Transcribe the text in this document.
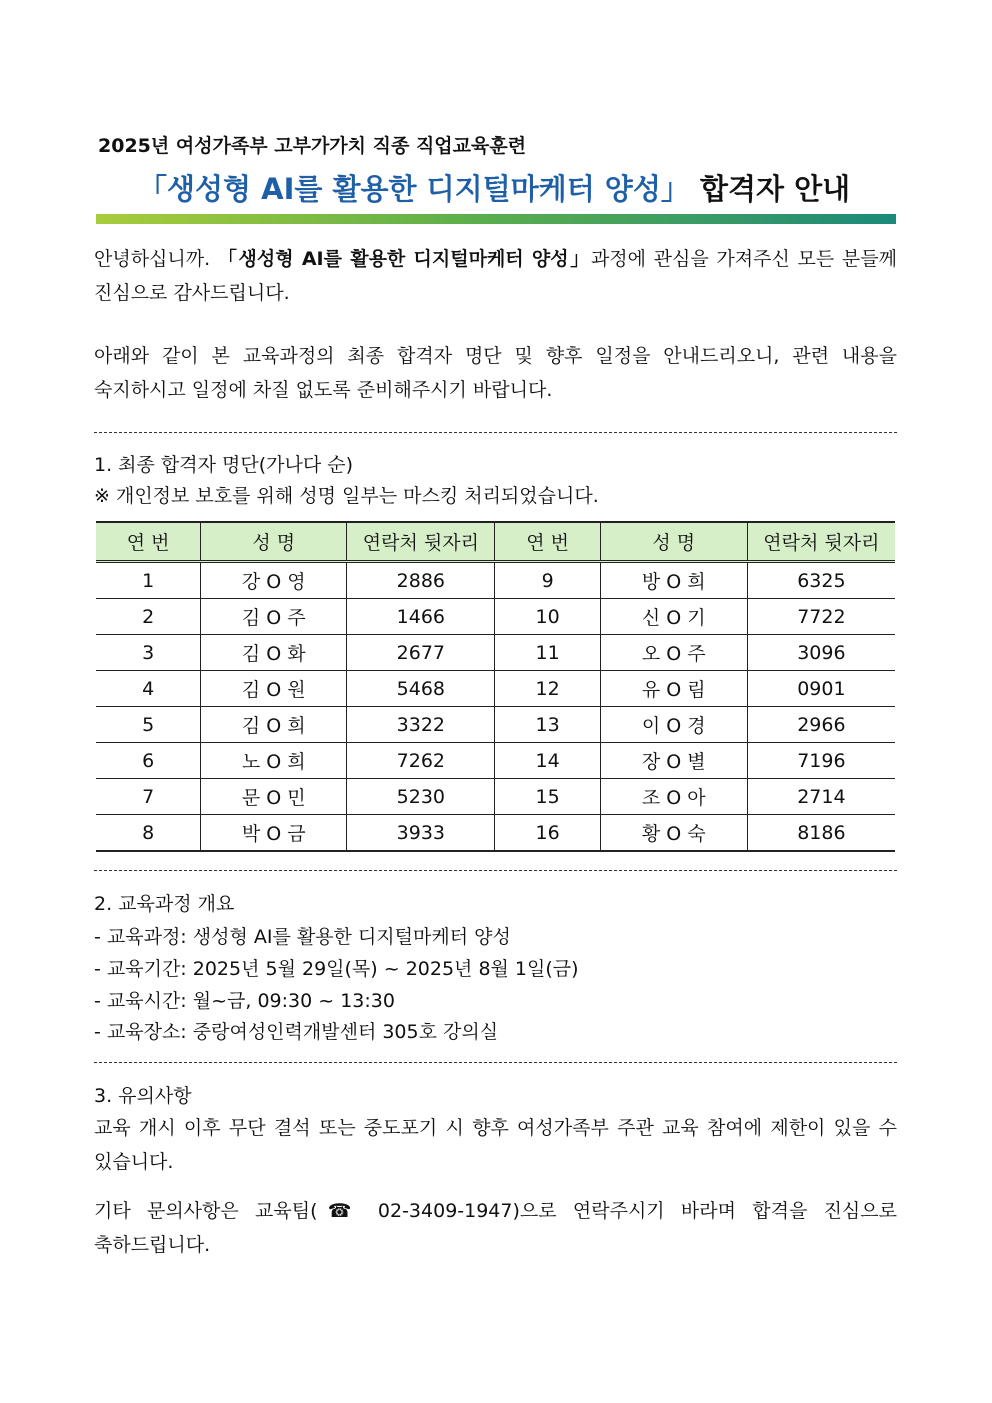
2025년 여성가족부 고부가가치 직종 직업교육훈련
「생성형 AI를 활용한 디지털마케터 양성」 합격자 안내
안녕하십니까. 「생성형 AI를 활용한 디지털마케터 양성」과정에 관심을 가져주신 모든 분들께 진심으로 감사드립니다.
아래와 같이 본 교육과정의 최종 합격자 명단 및 향후 일정을 안내드리오니, 관련 내용을 숙지하시고 일정에 차질 없도록 준비해주시기 바랍니다.
1. 최종 합격자 명단(가나다 순)
※ 개인정보 보호를 위해 성명 일부는 마스킹 처리되었습니다.
연 번	성 명	연락처 뒷자리	연 번	성 명	연락처 뒷자리
1	강 O 영	2886	9	방 O 희	6325
2	김 O 주	1466	10	신 O 기	7722
3	김 O 화	2677	11	오 O 주	3096
4	김 O 원	5468	12	유 O 림	0901
5	김 O 희	3322	13	이 O 경	2966
6	노 O 희	7262	14	장 O 별	7196
7	문 O 민	5230	15	조 O 아	2714
8	박 O 금	3933	16	황 O 숙	8186
2. 교육과정 개요
- 교육과정: 생성형 AI를 활용한 디지털마케터 양성
- 교육기간: 2025년 5월 29일(목) ~ 2025년 8월 1일(금)
- 교육시간: 월~금, 09:30 ~ 13:30
- 교육장소: 중랑여성인력개발센터 305호 강의실
3. 유의사항
교육 개시 이후 무단 결석 또는 중도포기 시 향후 여성가족부 주관 교육 참여에 제한이 있을 수 있습니다.
기타 문의사항은 교육팀(☎ 02-3409-1947)으로 연락주시기 바라며 합격을 진심으로 축하드립니다.
